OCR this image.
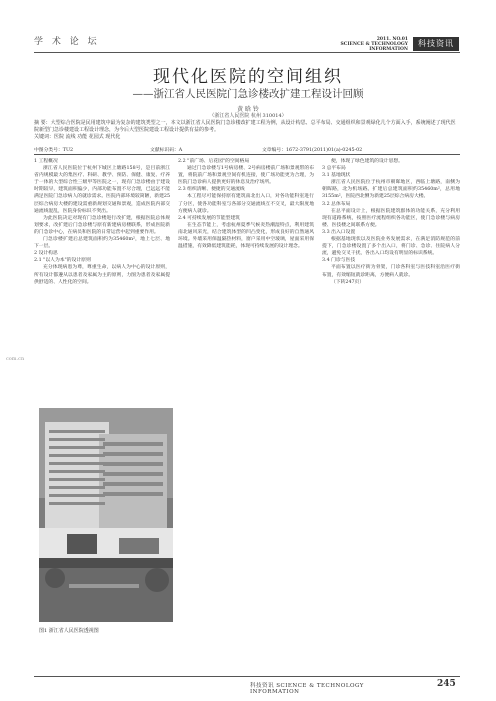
学 术 论 坛	2011. NO.01
SCIENCE & TECHNOLOGY INFORMATION
科技资讯
现代化医院的空间组织
——浙江省人民医院门急诊楼改扩建工程设计回顾
黄 晗 铃
（浙江省人民医院 杭州 310014）
摘 要：大型综合医院是民用建筑中最为复杂的建筑类型之一，本文以浙江省人民医院门急诊楼改扩建工程为例，从设计构思、总平布局、交通组织和景观绿化几个方面入手，系统阐述了现代医院新型门急诊楼建设工程设计理念，为今后大型医院建设工程设计提供有益的参考。
关键词：医院 流线 功能 花园式 现代化
中图分类号：TU2	文献标识码：A	文章编号：1672-3791(2011)01(a)-0245-02

1 工程概况

浙江省人民医院位于杭州下城区上塘路158号，是目前浙江省内规模最大的集医疗、科研、教学、预防、保健、康复、疗养于一体的大型综合性三级甲等医院之一，现有门急诊楼由于建设时期较早，建筑面积偏少，内部功能布置不尽合理，已远远不能满足医院门急诊病人的就诊需求。医院内部环境较简陋，新建25层综合病房大楼的建设需重新规划交通和景观，造成医院内部交通流线混乱，医院身份标识不突出。

为此医院决定对现有门急诊楼进行改扩建，根据医院总体规划要求，改扩建后门急诊楼与原有新建病房楼联系，形成医院新的门急诊中心，在病员和医院的日常运营中起到重要作用。

门急诊楼扩建后总建筑面积约为35460m²，地上七层、地下一层。

2 设计构思

2.1 "以人为本"的设计原则

充分体现病患为尊，尊重生命，以病人为中心的设计原则，所有设计都遵从以患者及家属为主的原则，力图为患者及家属提供舒适的、人性化的空间。

2.2 "前广场、后花园"的空间格局

通过门急诊楼与1号病房楼、2号病房楼前广场和景观带的布置，将院前广场和景观空间有机连接，使广场功能更为合理，为医院门急诊病人提供更好的休息及治疗场所。

2.3 组织清晰、便捷的交通流线

本工程尽可能保持原有建筑南北出入口，对各功能科室进行了分区，使各功能科室与各部分交通流线互不交叉，最大限度地方便病人就诊。

2.4 可持续发展的节能型建筑

在生态节能上，考虑杭州夏季气候炎热潮湿特点，利用建筑南北通风采光，结合建筑体型的凹凸变化，形成良好的自然通风环境。外墙采用保温隔热材料，窗户采用中空玻璃，屋面采用保温措施，有效降低建筑能耗，体现可持续发展的设计理念。

便，体现了绿色建筑的设计思想。

3 总平布局

3.1 基地现状

浙江省人民医院位于杭州市朝晖地区，西临上塘路，南侧为朝晖路，北为机场路。扩建后总建筑面积约35460m²，总用地3155m²，医院西北侧为新建25层综合病房大楼。

3.2 总体布局

在总平面设计上，根据医院建筑群体的功能关系，充分利用现有道路系统，按照医疗流程组织各功能区，使门急诊楼与病房楼、医技楼之间联系方便。

3.3 出入口设置

根据基地现状以及医院业务发展需求，在满足消防规范的前提下，门急诊楼设置了多个出入口，将门诊、急诊、住院病人分流，避免交叉干扰，各出入口均设有明显的标识系统。

3.4 门诊与医技

平面布置以医疗街为骨架，门诊各科室与医技科室沿医疗街布置，有效缩短就诊距离，方便病人就诊。

（下转247页）

com.cn
图1 浙江省人民医院透视图
科技资讯 SCIENCE & TECHNOLOGY INFORMATION
245
